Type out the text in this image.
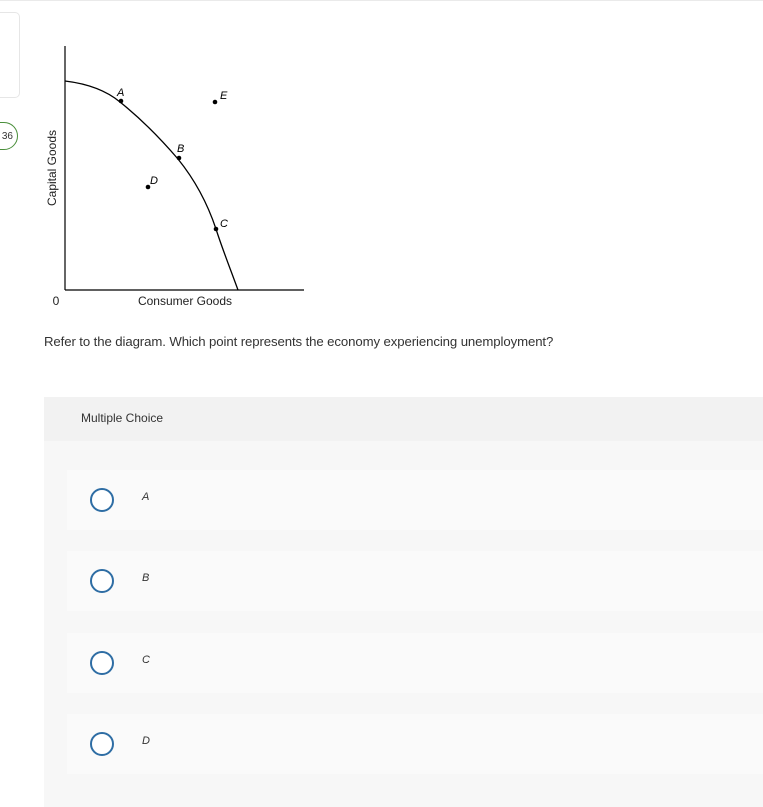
36
A
B
C
D
E
Capital Goods
Consumer Goods
0
Refer to the diagram. Which point represents the economy experiencing unemployment?
Multiple Choice
A
B
C
D
